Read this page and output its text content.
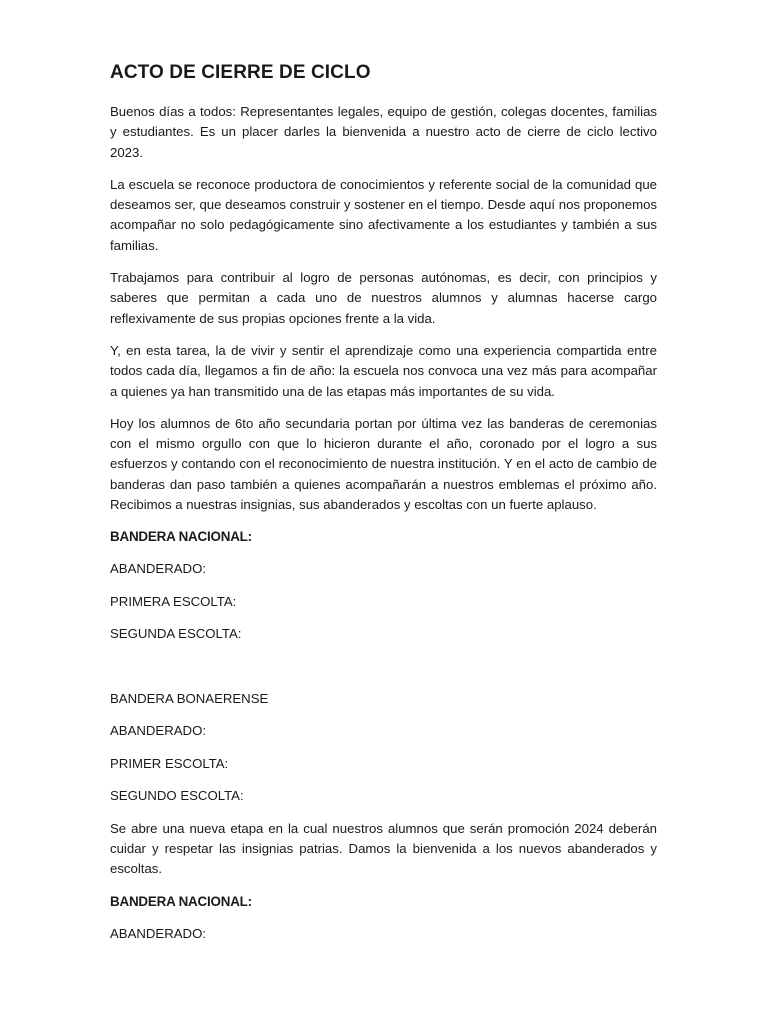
ACTO DE CIERRE DE CICLO

Buenos días a todos: Representantes legales, equipo de gestión, colegas docentes, familias y estudiantes. Es un placer darles la bienvenida a nuestro acto de cierre de ciclo lectivo 2023.

La escuela se reconoce productora de conocimientos y referente social de la comunidad que deseamos ser, que deseamos construir y sostener en el tiempo. Desde aquí nos proponemos acompañar no solo pedagógicamente sino afectivamente a los estudiantes y también a sus familias.

Trabajamos para contribuir al logro de personas autónomas, es decir, con principios y saberes que permitan a cada uno de nuestros alumnos y alumnas hacerse cargo reflexivamente de sus propias opciones frente a la vida.

Y, en esta tarea, la de vivir y sentir el aprendizaje como una experiencia compartida entre todos cada día, llegamos a fin de año: la escuela nos convoca una vez más para acompañar a quienes ya han transmitido una de las etapas más importantes de su vida.

Hoy los alumnos de 6to año secundaria portan por última vez las banderas de ceremonias con el mismo orgullo con que lo hicieron durante el año, coronado por el logro a sus esfuerzos y contando con el reconocimiento de nuestra institución. Y en el acto de cambio de banderas dan paso también a quienes acompañarán a nuestros emblemas el próximo año. Recibimos a nuestras insignias, sus abanderados y escoltas con un fuerte aplauso.

BANDERA NACIONAL:
ABANDERADO:
PRIMERA ESCOLTA:
SEGUNDA ESCOLTA:
BANDERA BONAERENSE
ABANDERADO:
PRIMER ESCOLTA:
SEGUNDO ESCOLTA:

Se abre una nueva etapa en la cual nuestros alumnos que serán promoción 2024 deberán cuidar y respetar las insignias patrias. Damos la bienvenida a los nuevos abanderados y escoltas.

BANDERA NACIONAL:
ABANDERADO:
